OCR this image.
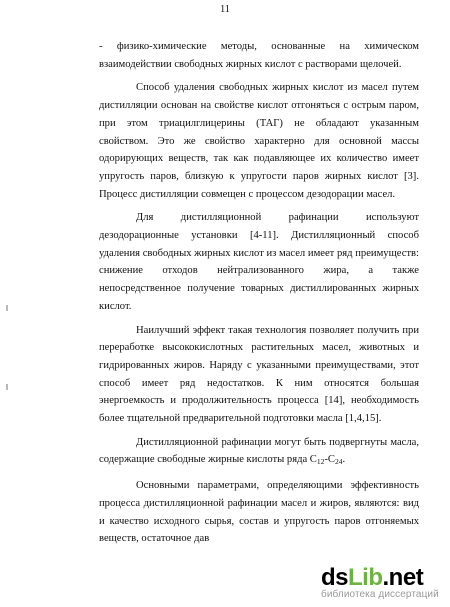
11

- физико-химические методы, основанные на химическом взаимодействии свободных жирных кислот с растворами щелочей.

Способ удаления свободных жирных кислот из масел путем дистилляции основан на свойстве кислот отгоняться с острым паром, при этом триацилглицерины (ТАГ) не обладают указанным свойством. Это же свойство характерно для основной массы одорирующих веществ, так как подавляющее их количество имеет упругость паров, близкую к упругости паров жирных кислот [3]. Процесс дистилляции совмещен с процессом дезодорации масел.

Для дистилляционной рафинации используют дезодорационные установки [4-11]. Дистилляционный способ удаления свободных жирных кислот из масел имеет ряд преимуществ: снижение отходов нейтрализованного жира, а также непосредственное получение товарных дистиллированных жирных кислот.

Наилучший эффект такая технология позволяет получить при переработке высококислотных растительных масел, животных и гидрированных жиров. Наряду с указанными преимуществами, этот способ имеет ряд недостатков. К ним относятся большая энергоемкость и продолжительность процесса [14], необходимость более тщательной предварительной подготовки масла [1,4,15].

Дистилляционной рафинации могут быть подвергнуты масла, содержащие свободные жирные кислоты ряда $С_{12}-С_{24}$.

Основными параметрами, определяющими эффективность процесса дистилляционной рафинации масел и жиров, являются: вид и качество исходного сырья, состав и упругость паров отгоняемых веществ, остаточное дав

dsLib.net
библиотека диссертаций
